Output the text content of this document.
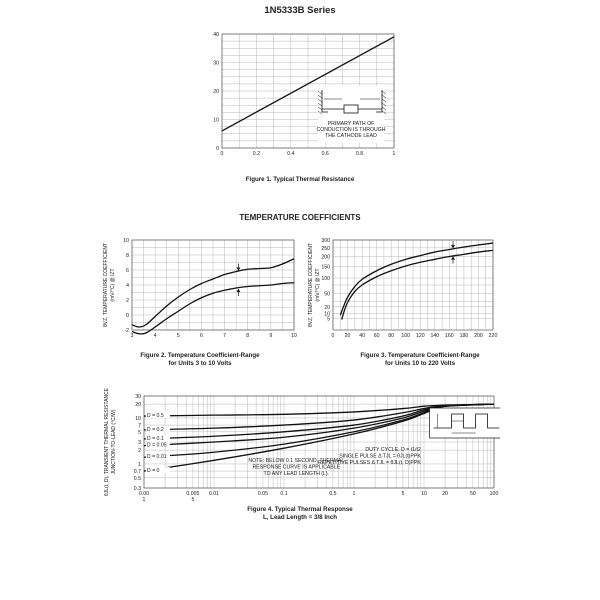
1N5333B Series
0	0.2	0.4	0.6	0.8	1
0
10
20
30
40
PRIMARY PATH OF
CONDUCTION IS THROUGH
THE CATHODE LEAD
Figure 1. Typical Thermal Resistance
TEMPERATURE COEFFICIENTS
3	4	5	6	7	8	9	10
-2
0
2
4
6
8
10
θVZ, TEMPERATURE COEFFICIENT (mV/°C) @ IZT
Figure 2. Temperature Coefficient-Range
for Units 3 to 10 Volts
0 20 40 60 80 100 120 140 160 180 200 220
5
10
20
50
100
150
200
250
300
θVZ, TEMPERATURE COEFFICIENT (mV/°C) @ IZT
Figure 3. Temperature Coefficient-Range
for Units 10 to 220 Volts
0.00	0.005 0.01	0.05 0.1	0.5	1	5	10	20	50	100
1	5
0.3
0.5
0.7
1
2
3
5
7
10
20
30
D = 0.5
D = 0.2
D = 0.1
D = 0.05
D = 0.01
D = 0
NOTE: BELOW 0.1 SECOND, THERMAL
RESPONSE CURVE IS APPLICABLE
TO ANY LEAD LENGTH (L).
DUTY CYCLE, D = t1/t2
SINGLE PULSE Δ TJL = θJL(t)PPK
REPETITIVE PULSES Δ TJL = θJL(t, D)PPK
θJL(t, D), TRANSIENT THERMAL RESISTANCE JUNCTION-TO-LEAD (°C/W)
Figure 4. Typical Thermal Response
L, Lead Length = 3/8 Inch
